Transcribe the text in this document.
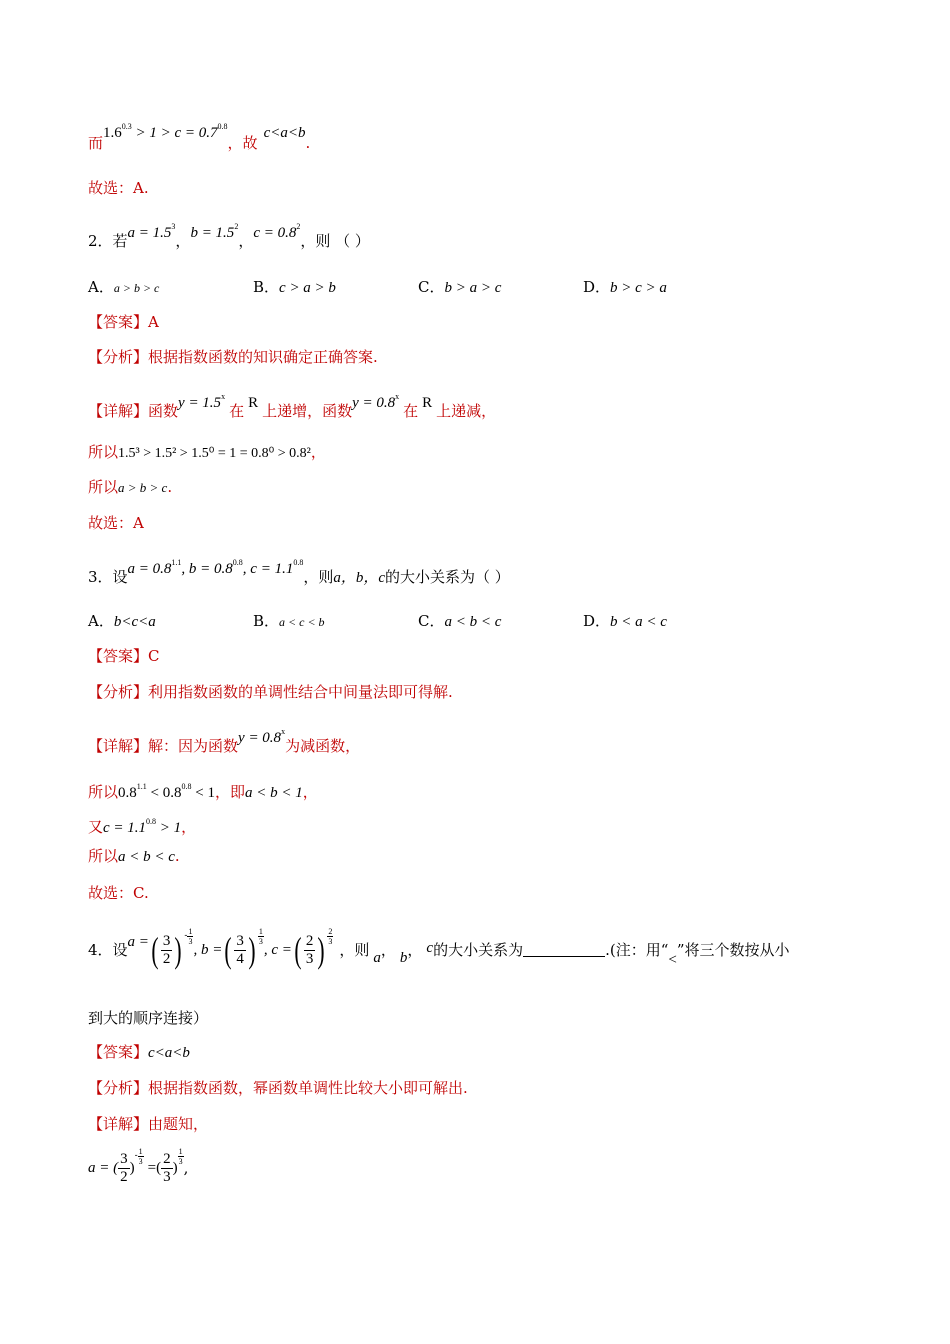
而$1.6^{0.3} > 1 > c = 0.7^{0.8}$，故c<a<b.
故选：A.
2．若$a = 1.5^3$，$b = 1.5^2$，$c = 0.8^2$，则 （ ）
A．a > b > c	B．c > a > b	C．b > a > c	D．b > c > a
【答案】A
【分析】根据指数函数的知识确定正确答案.
【详解】函数$y = 1.5^x$在 R 上递增，函数$y = 0.8^x$在 R 上递减，
所以1.5³ > 1.5² > 1.5⁰ = 1 = 0.8⁰ > 0.8²，
所以a > b > c.
故选：A
3．设$a = 0.8^{1.1}$, $b = 0.8^{0.8}$, $c = 1.1^{0.8}$，则a，b，c的大小关系为（ ）
A．b<c<a	B．a < c < b	C．a < b < c	D．b < a < c
【答案】C
【分析】利用指数函数的单调性结合中间量法即可得解.
【详解】解：因为函数$y = 0.8^x$为减函数，
所以$0.8^{1.1} < 0.8^{0.8} < 1$，即a < b < 1，
又$c = 1.1^{0.8} > 1$，
所以a < b < c.
故选：C.
4．设 a = ( $\frac{3}{2}$ ) - $\frac{1}{3}$
, b = ( $\frac{3}{4}$ ) $\frac{1}{3}$
, c = ( $\frac{2}{3}$ ) $\frac{2}{3}$
，则 a ， b ， c 的大小关系为	.(注：用“
<
”将三个数按从小
到大的顺序连接）
【答案】c<a<b
【分析】根据指数函数，幂函数单调性比较大小即可解出.
【详解】由题知，
a = ( $\frac{3}{2}$ )
- $\frac{1}{3}$
=( $\frac{2}{3}$ )
$\frac{1}{3}$
,
